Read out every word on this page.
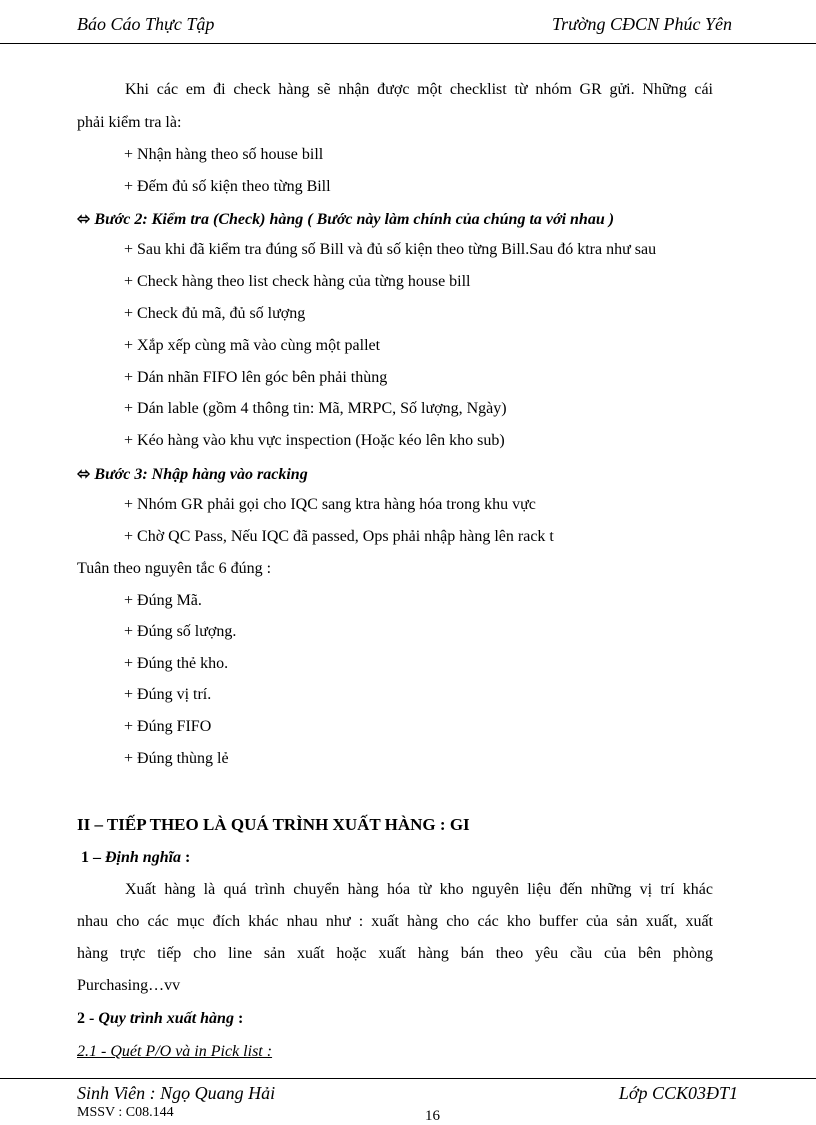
Báo Cáo Thực Tập	Trường CĐCN Phúc Yên
Khi các em đi check hàng sẽ nhận được một checklist từ nhóm GR gửi. Những cái
phải kiểm tra là:
+ Nhận hàng theo số house bill
+ Đếm đủ số kiện theo từng Bill
⬄ Bước 2: Kiểm tra (Check) hàng ( Bước này làm chính của chúng ta với nhau )
+ Sau khi đã kiểm tra đúng số Bill và đủ số kiện theo từng Bill.Sau đó ktra như sau
+ Check hàng theo list check hàng của từng house bill
+ Check đủ mã, đủ số lượng
+ Xắp xếp cùng mã vào cùng một pallet
+ Dán nhãn FIFO lên góc bên phải thùng
+ Dán lable (gồm 4 thông tin: Mã, MRPC, Số lượng, Ngày)
+ Kéo hàng vào khu vực inspection (Hoặc kéo lên kho sub)
⬄ Bước 3: Nhập hàng vào racking
+ Nhóm GR phải gọi cho IQC sang ktra hàng hóa trong khu vực
+ Chờ QC Pass, Nếu IQC đã passed, Ops phải nhập hàng lên rack t
Tuân theo nguyên tắc 6 đúng :
+ Đúng Mã.
+ Đúng số lượng.
+ Đúng thẻ kho.
+ Đúng vị trí.
+ Đúng FIFO
+ Đúng thùng lẻ
II – TIẾP THEO LÀ QUÁ TRÌNH XUẤT HÀNG : GI
1 – Định nghĩa :
Xuất hàng là quá trình chuyển hàng hóa từ kho nguyên liệu đến những vị trí khác
nhau cho các mục đích khác nhau như : xuất hàng cho các kho buffer của sản xuất, xuất
hàng trực tiếp cho line sản xuất hoặc xuất hàng bán theo yêu cầu của bên phòng
Purchasing…vv
2 - Quy trình xuất hàng :
2.1 - Quét P/O và in Pick list :
Sinh Viên : Ngọ Quang Hải	Lớp CCK03ĐT1
MSSV : C08.144	16
